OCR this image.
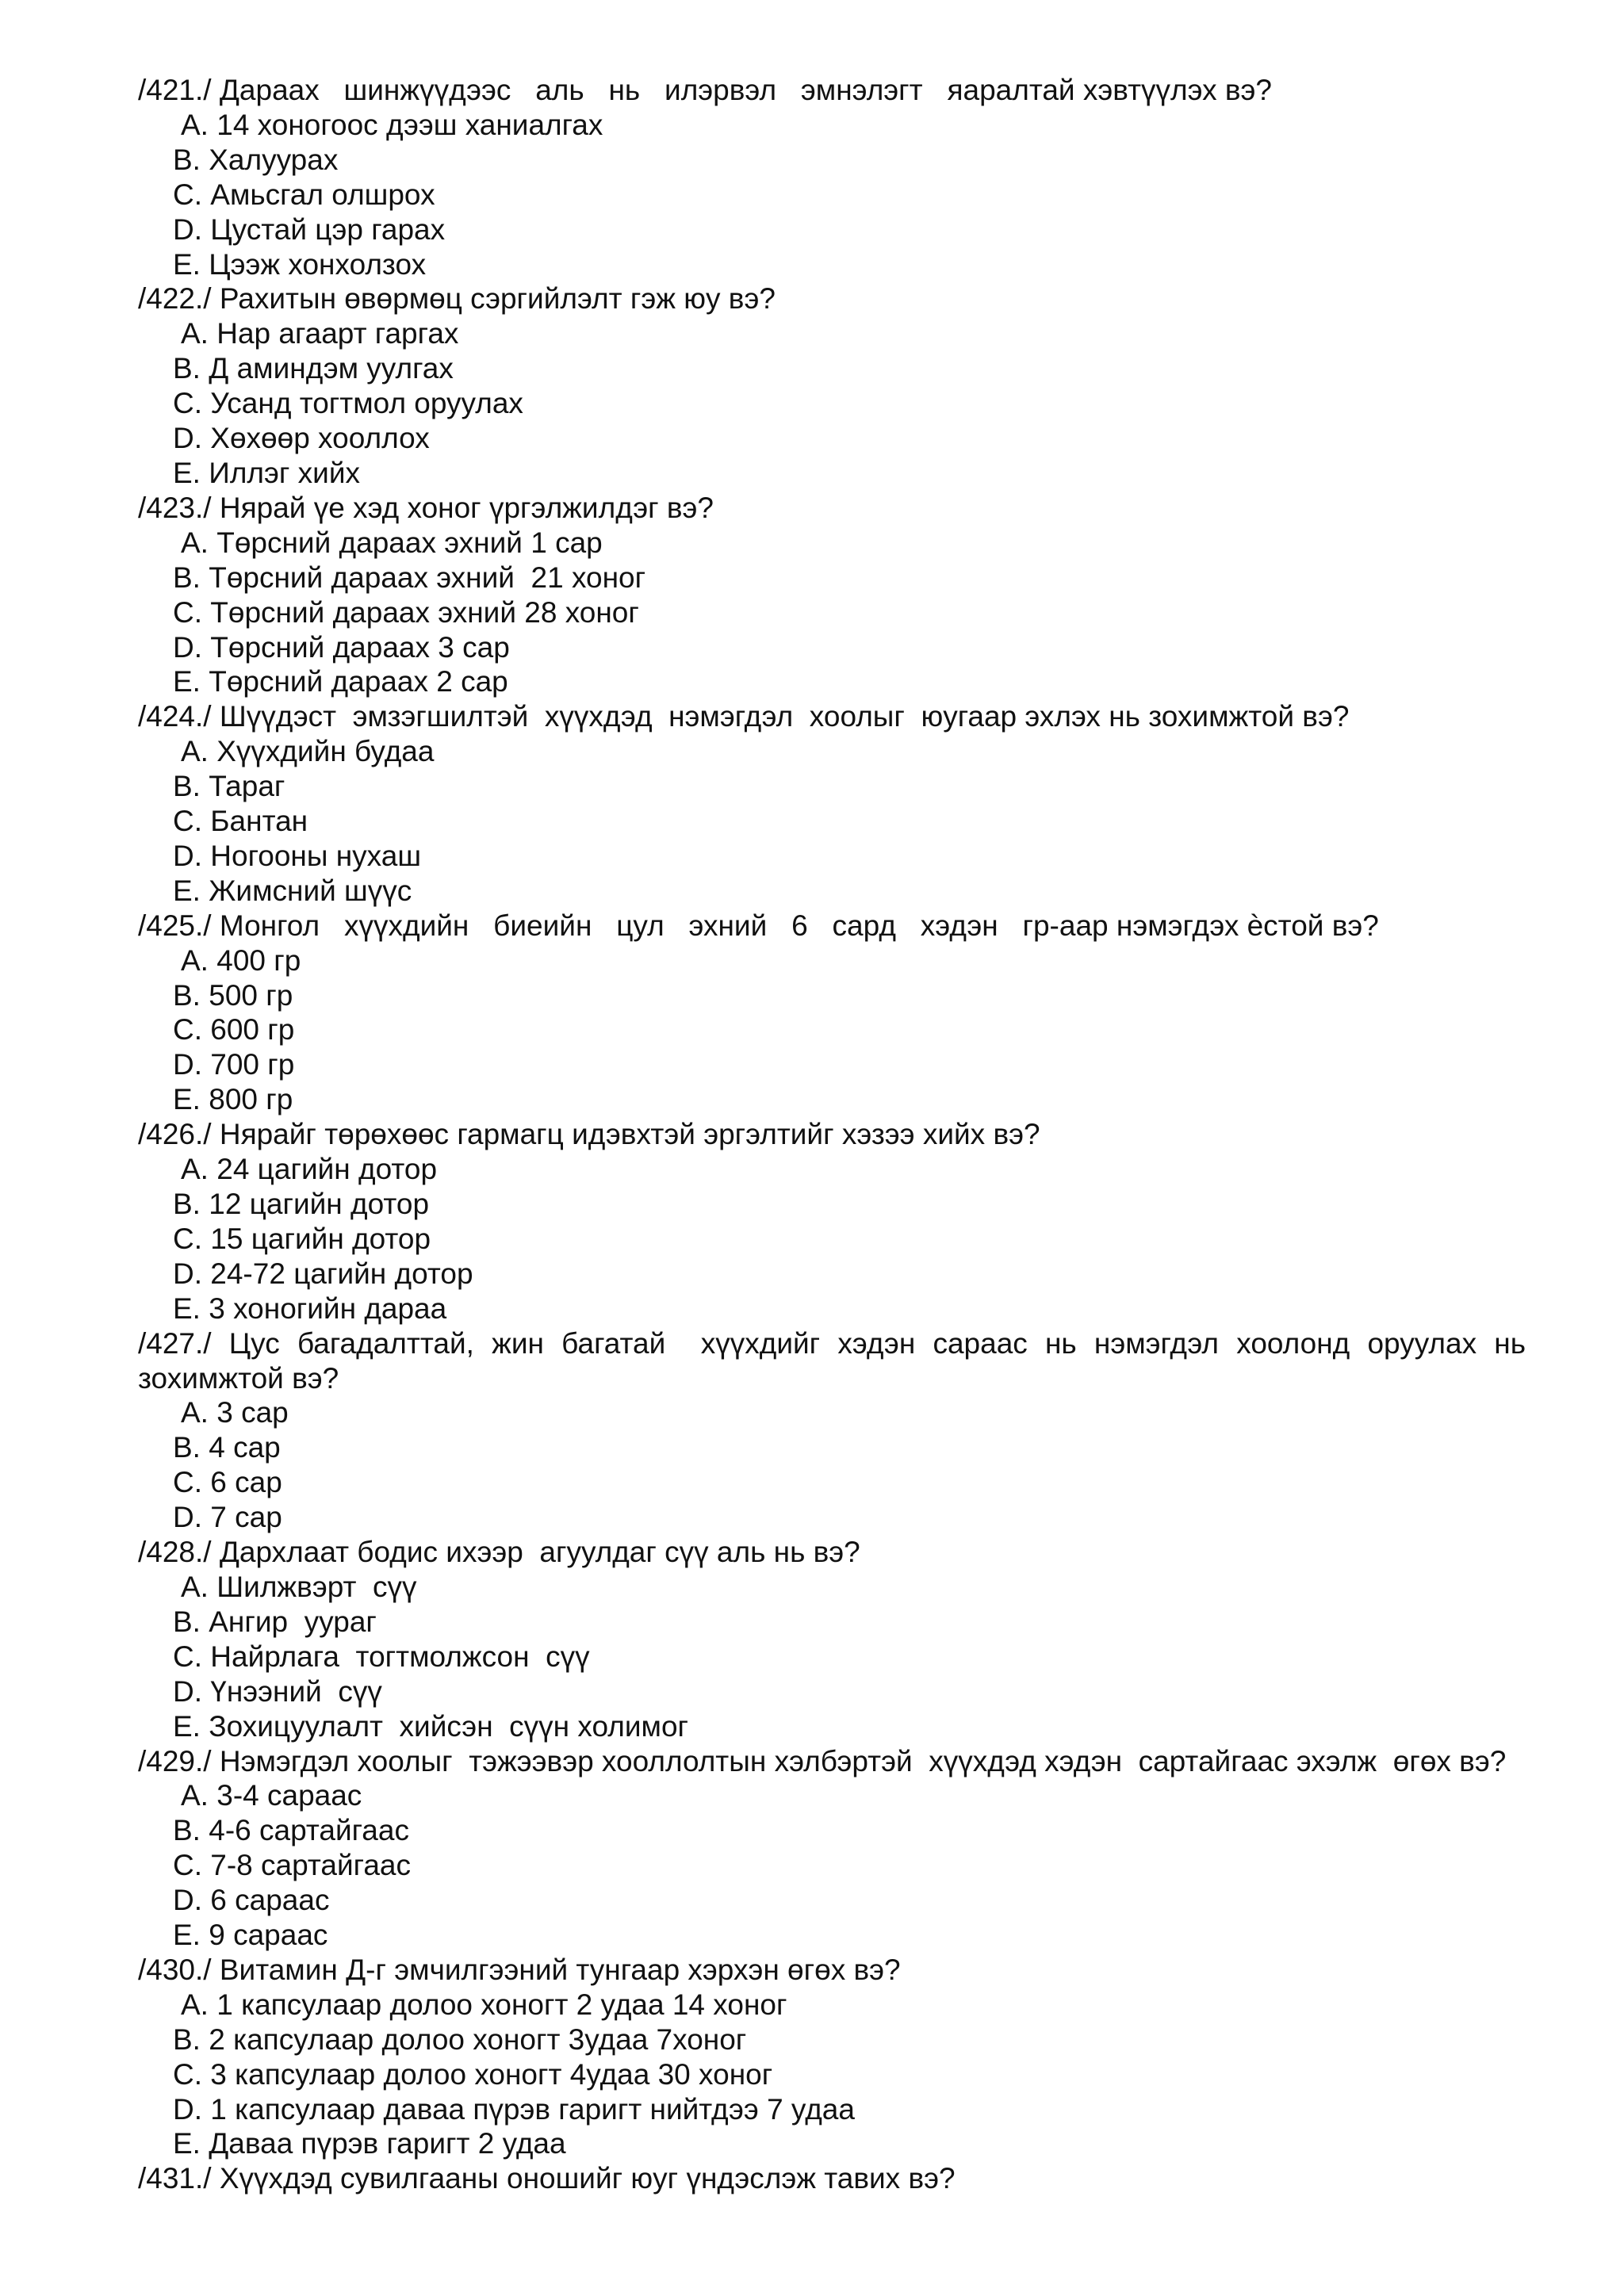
/421./ Дараах   шинжүүдээс   аль   нь   илэрвэл   эмнэлэгт   яаралтай хэвтүүлэх вэ?
A. 14 хоногоос дээш ханиалгах
B. Халуурах
C. Амьсгал олшрох
D. Цустай цэр гарах
E. Цээж хонхолзох
/422./ Рахитын өвөрмөц сэргийлэлт гэж юу вэ?
A. Нар агаарт гаргах
B. Д аминдэм уулгах
C. Усанд тогтмол оруулах
D. Хөхөөр хооллох
E. Иллэг хийх
/423./ Нярай үе хэд хоног үргэлжилдэг вэ?
A. Төрсний дараах эхний 1 сар
B. Төрсний дараах эхний  21 хоног
C. Төрсний дараах эхний 28 хоног
D. Төрсний дараах 3 сар
E. Төрсний дараах 2 сар
/424./ Шүүдэст  эмзэгшилтэй  хүүхдэд  нэмэгдэл  хоолыг  юугаар эхлэх нь зохимжтой вэ?
A. Хүүхдийн будаа
B. Тараг
C. Бантан
D. Ногооны нухаш
E. Жимсний шүүс
/425./ Монгол   хүүхдийн   биеийн   цул   эхний   6   сард   хэдэн   гр-аар нэмэгдэх ѐстой вэ?
A. 400 гр
B. 500 гр
C. 600 гр
D. 700 гр
E. 800 гр
/426./ Нярайг төрөхөөс гармагц идэвхтэй эргэлтийг хэзээ хийх вэ?
A. 24 цагийн дотор
B. 12 цагийн дотор
C. 15 цагийн дотор
D. 24-72 цагийн дотор
E. 3 хоногийн дараа
/427./ Цус багадалттай, жин багатай  хүүхдийг хэдэн сараас нь нэмэгдэл хоолонд оруулах нь зохимжтой вэ?
A. 3 сар
B. 4 сар
C. 6 сар
D. 7 сар
/428./ Дархлаат бодис ихээр  агуулдаг сүү аль нь вэ?
A. Шилжвэрт  сүү
B. Ангир  уураг
C. Найрлага  тогтмолжсон  сүү
D. Үнээний  сүү
E. Зохицуулалт  хийсэн  сүүн холимог
/429./ Нэмэгдэл хоолыг  тэжээвэр хооллолтын хэлбэртэй  хүүхдэд хэдэн  сартайгаас эхэлж  өгөх вэ?
A. 3-4 сараас
B. 4-6 сартайгаас
C. 7-8 сартайгаас
D. 6 сараас
E. 9 сараас
/430./ Витамин Д-г эмчилгээний тунгаар хэрхэн өгөх вэ?
A. 1 капсулаар долоо хоногт 2 удаа 14 хоног
B. 2 капсулаар долоо хоногт 3удаа 7хоног
C. 3 капсулаар долоо хоногт 4удаа 30 хоног
D. 1 капсулаар даваа пүрэв гаригт нийтдээ 7 удаа
E. Даваа пүрэв гаригт 2 удаа
/431./ Хүүхдэд сувилгааны оношийг юуг үндэслэж тавих вэ?
